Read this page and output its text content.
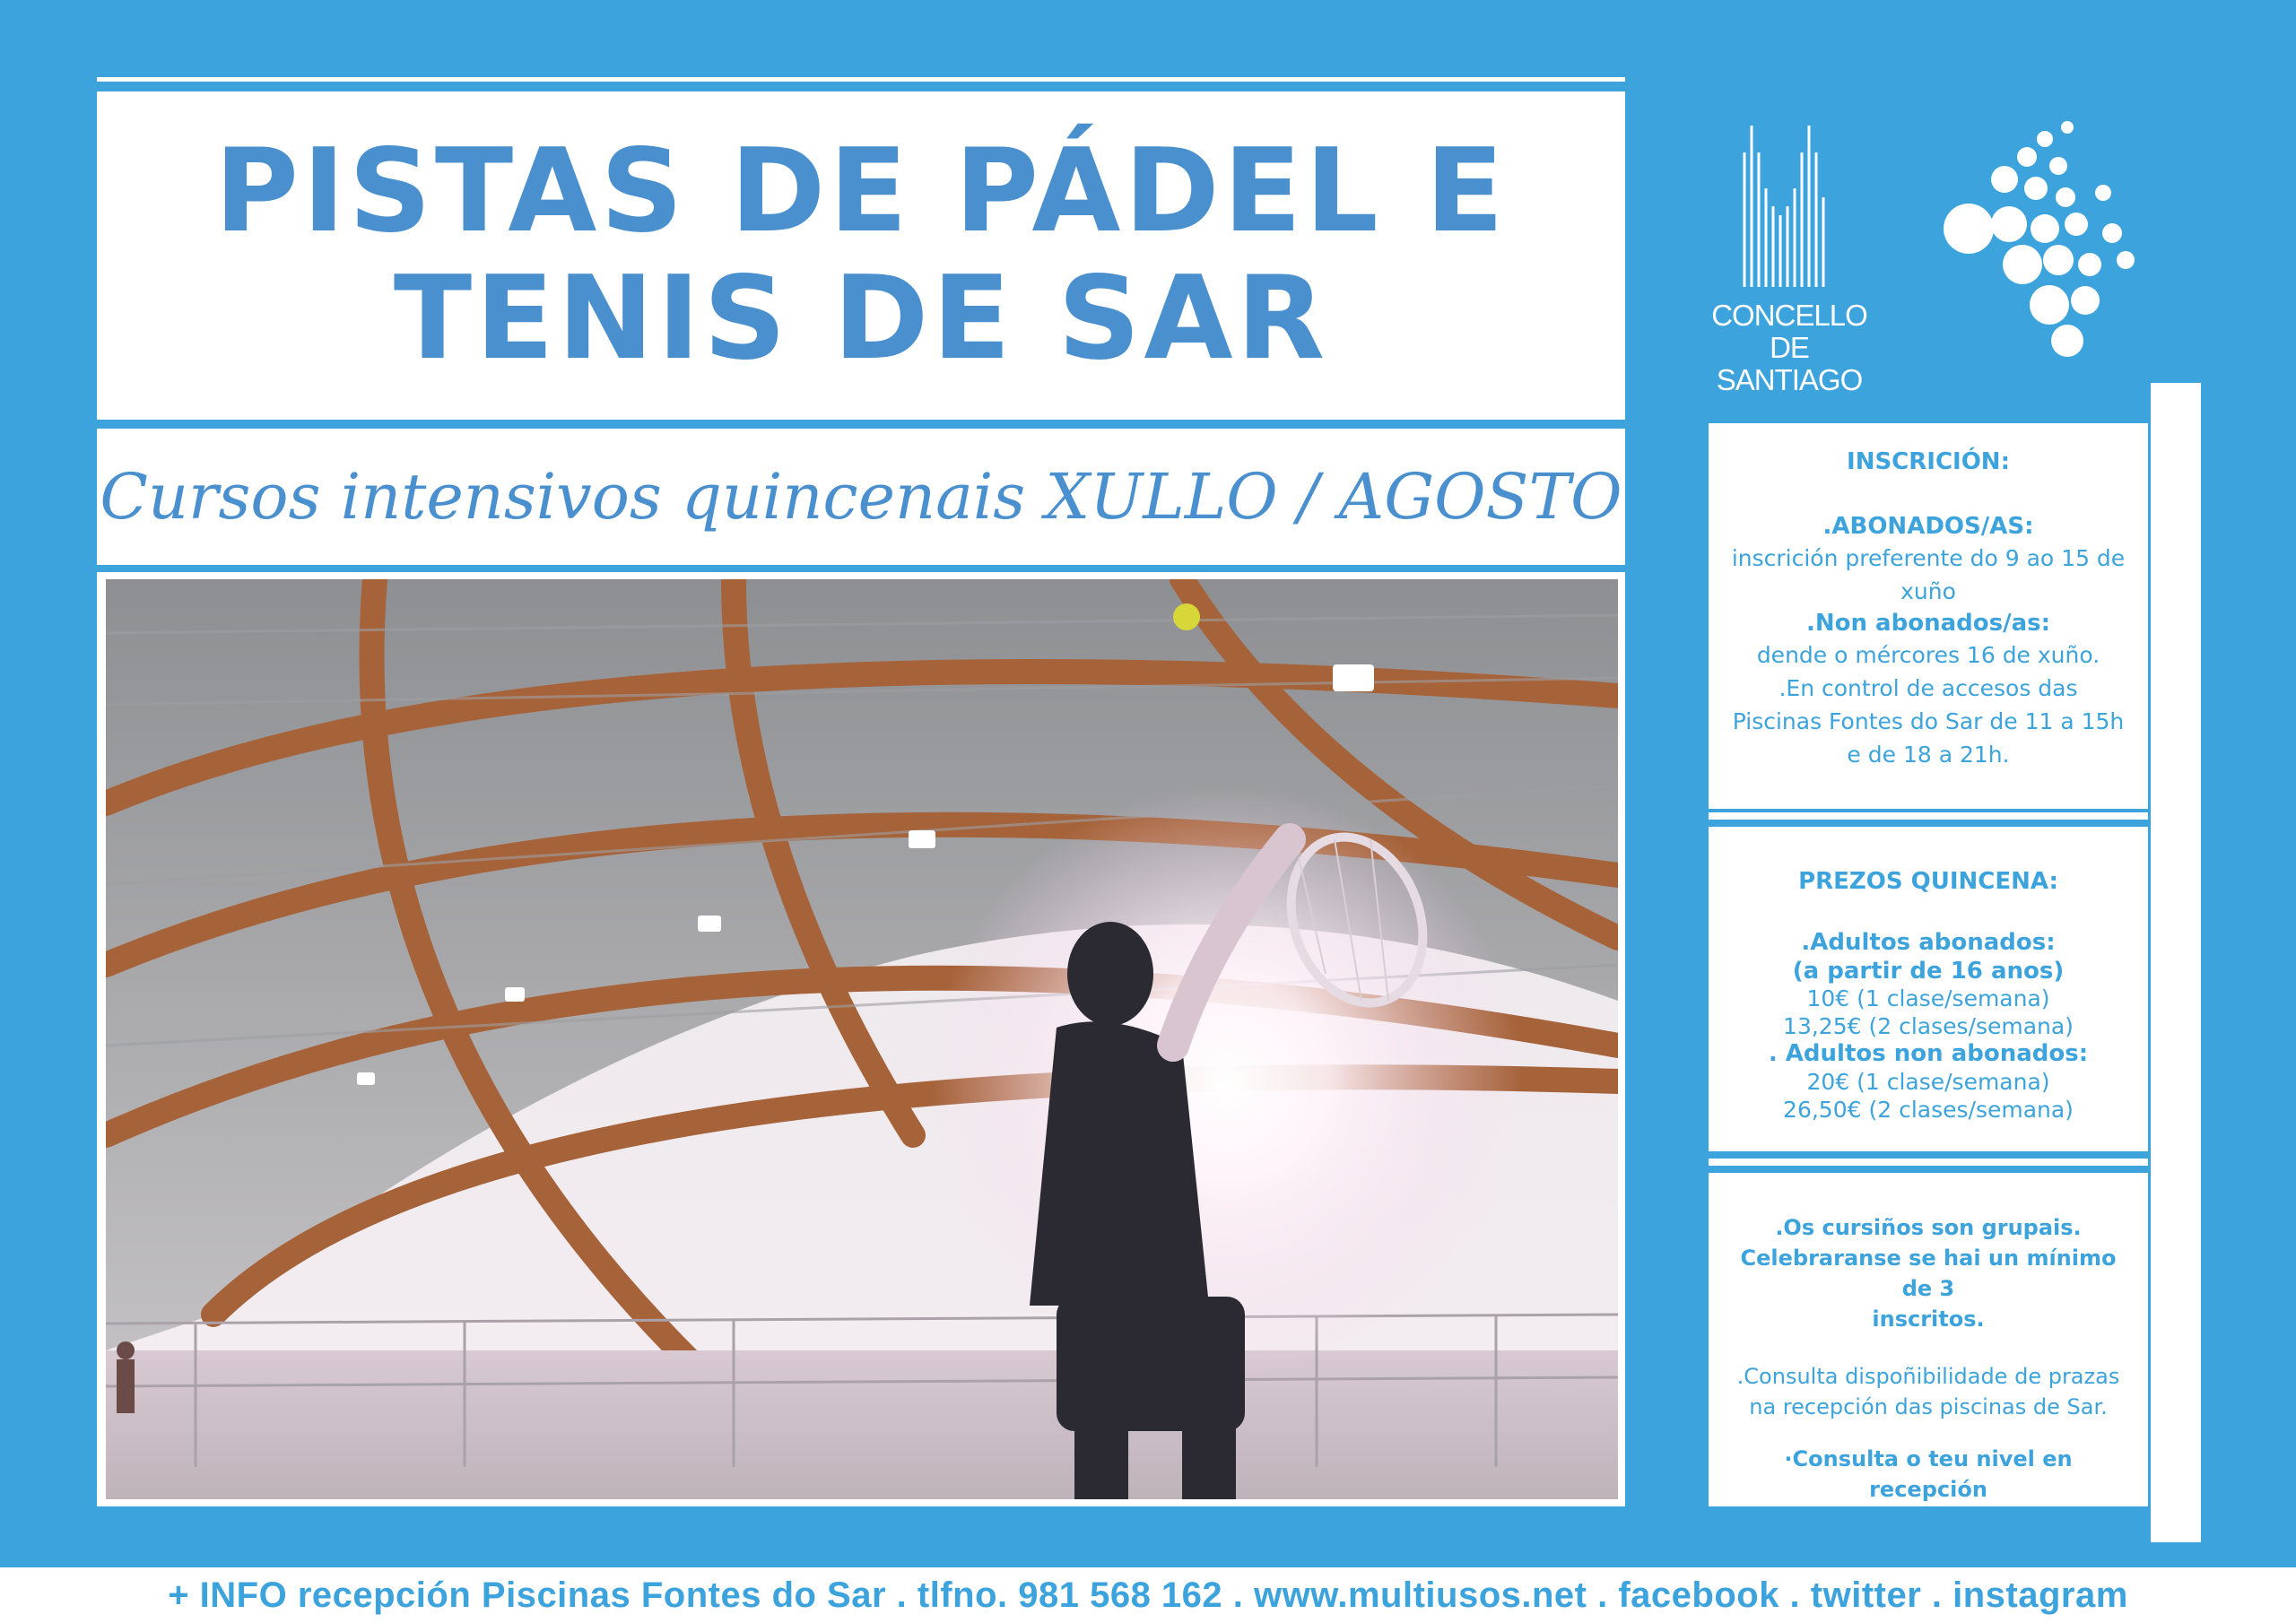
PISTAS DE PÁDEL E
TENIS DE SAR
Cursos intensivos quincenais XULLO / AGOSTO
CONCELLO DE
SANTIAGO
INSCRICIÓN:
.ABONADOS/AS:
inscrición preferente do 9 ao 15 de
xuño
.Non abonados/as:
dende o mércores 16 de xuño.
.En control de accesos das
Piscinas Fontes do Sar de 11 a 15h
e de 18 a 21h.
PREZOS QUINCENA:
.Adultos abonados:
(a partir de 16 anos)
10€ (1 clase/semana)
13,25€ (2 clases/semana)
. Adultos non abonados:
20€ (1 clase/semana)
26,50€ (2 clases/semana)
.Os cursiños son grupais.
Celebraranse se hai un mínimo de 3
inscritos.
.Consulta dispoñibilidade de prazas
na recepción das piscinas de Sar.
·Consulta o teu nivel en recepción
ou ao teu monitor.
+ INFO recepción Piscinas Fontes do Sar . tlfno. 981 568 162 . www.multiusos.net . facebook . twitter . instagram
